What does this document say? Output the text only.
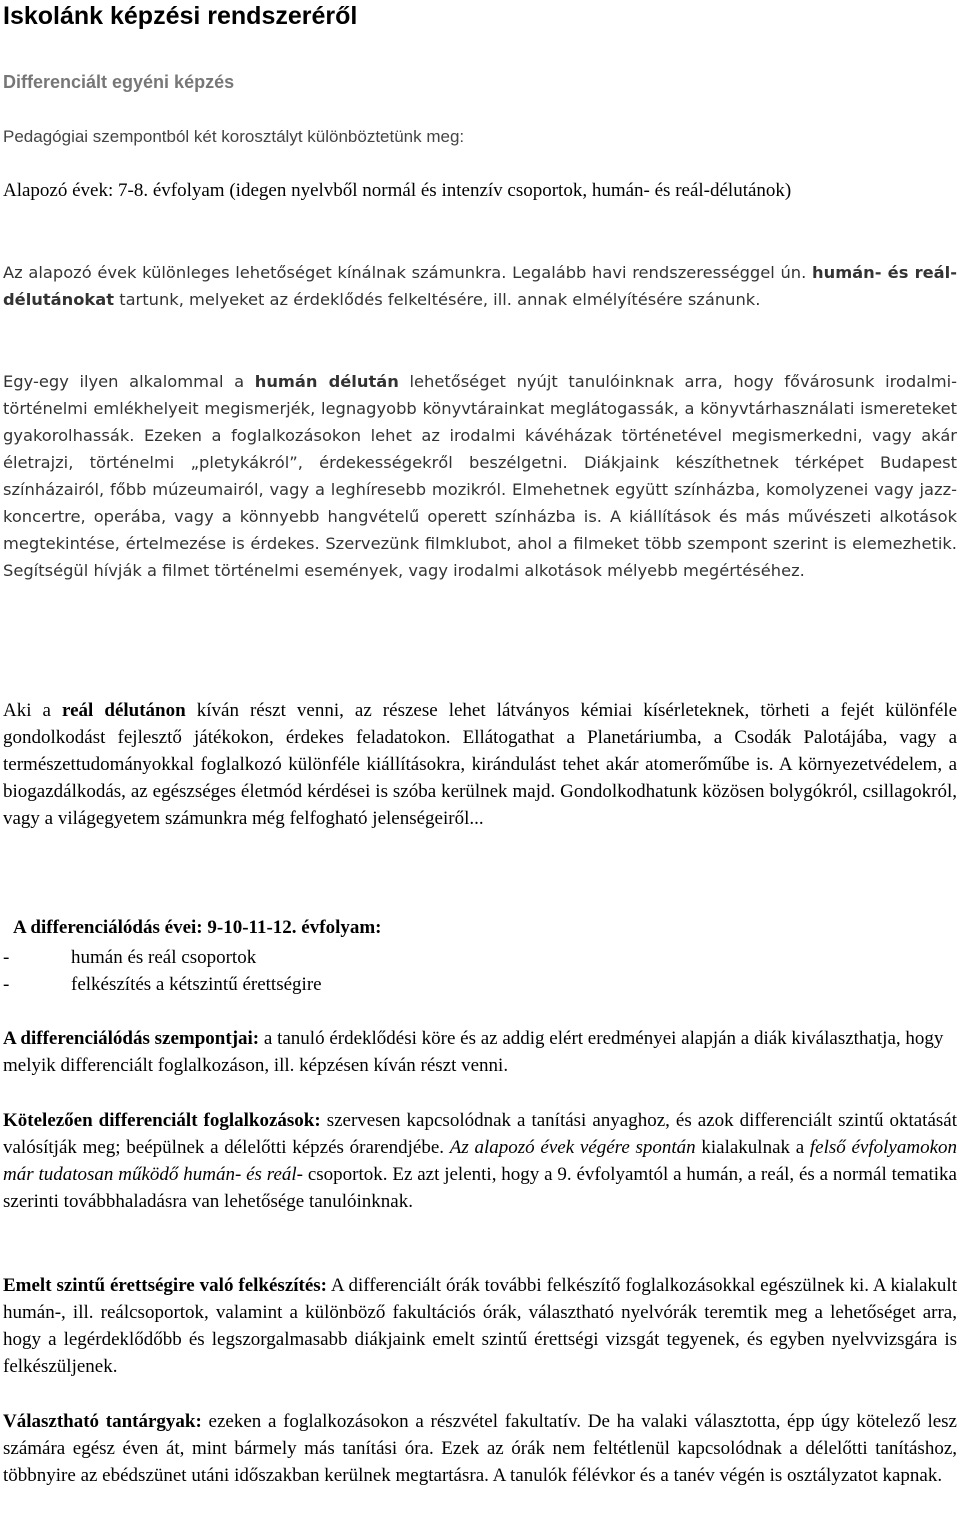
Iskolánk képzési rendszeréről
Differenciált egyéni képzés
Pedagógiai szempontból két korosztályt különböztetünk meg:
Alapozó évek: 7-8. évfolyam (idegen nyelvből normál és intenzív csoportok, humán- és reál-délutánok)
Az alapozó évek különleges lehetőséget kínálnak számunkra. Legalább havi rendszerességgel ún. humán- és reál- délutánokat tartunk, melyeket az érdeklődés felkeltésére, ill. annak elmélyítésére szánunk.
Egy-egy ilyen alkalommal a humán délután lehetőséget nyújt tanulóinknak arra, hogy fővárosunk irodalmi-történelmi emlékhelyeit megismerjék, legnagyobb könyvtárainkat meglátogassák, a könyvtárhasználati ismereteket gyakorolhassák. Ezeken a foglalkozásokon lehet az irodalmi kávéházak történetével megismerkedni, vagy akár életrajzi, történelmi „pletykákról”, érdekességekről beszélgetni. Diákjaink készíthetnek térképet Budapest színházairól, főbb múzeumairól, vagy a leghíresebb mozikról. Elmehetnek együtt színházba, komolyzenei vagy jazz-koncertre, operába, vagy a könnyebb hangvételű operett színházba is. A kiállítások és más művészeti alkotások megtekintése, értelmezése is érdekes. Szervezünk filmklubot, ahol a filmeket több szempont szerint is elemezhetik. Segítségül hívják a filmet történelmi események, vagy irodalmi alkotások mélyebb megértéséhez.
Aki a reál délutánon kíván részt venni, az részese lehet látványos kémiai kísérleteknek, törheti a fejét különféle gondolkodást fejlesztő játékokon, érdekes feladatokon. Ellátogathat a Planetáriumba, a Csodák Palotájába, vagy a természettudományokkal foglalkozó különféle kiállításokra, kirándulást tehet akár atomerőműbe is. A környezetvédelem, a biogazdálkodás, az egészséges életmód kérdései is szóba kerülnek majd. Gondolkodhatunk közösen bolygókról, csillagokról, vagy a világegyetem számunkra még felfogható jelenségeiről...
A differenciálódás évei: 9-10-11-12. évfolyam:
-	humán és reál csoportok
-	felkészítés a kétszintű érettségire
A differenciálódás szempontjai: a tanuló érdeklődési köre és az addig elért eredményei alapján a diák kiválaszthatja, hogy melyik differenciált foglalkozáson, ill. képzésen kíván részt venni.
Kötelezően differenciált foglalkozások: szervesen kapcsolódnak a tanítási anyaghoz, és azok differenciált szintű oktatását valósítják meg; beépülnek a délelőtti képzés órarendjébe. Az alapozó évek végére spontán kialakulnak a felső évfolyamokon már tudatosan működő humán- és reál- csoportok. Ez azt jelenti, hogy a 9. évfolyamtól a humán, a reál, és a normál tematika szerinti továbbhaladásra van lehetősége tanulóinknak.
Emelt szintű érettségire való felkészítés: A differenciált órák további felkészítő foglalkozásokkal egészülnek ki. A kialakult humán-, ill. reálcsoportok, valamint a különböző fakultációs órák, választható nyelvórák teremtik meg a lehetőséget arra, hogy a legérdeklődőbb és legszorgalmasabb diákjaink emelt szintű érettségi vizsgát tegyenek, és egyben nyelvvizsgára is felkészüljenek.
Választható tantárgyak: ezeken a foglalkozásokon a részvétel fakultatív. De ha valaki választotta, épp úgy kötelező lesz számára egész éven át, mint bármely más tanítási óra. Ezek az órák nem feltétlenül kapcsolódnak a délelőtti tanításhoz, többnyire az ebédszünet utáni időszakban kerülnek megtartásra. A tanulók félévkor és a tanév végén is osztályzatot kapnak.
